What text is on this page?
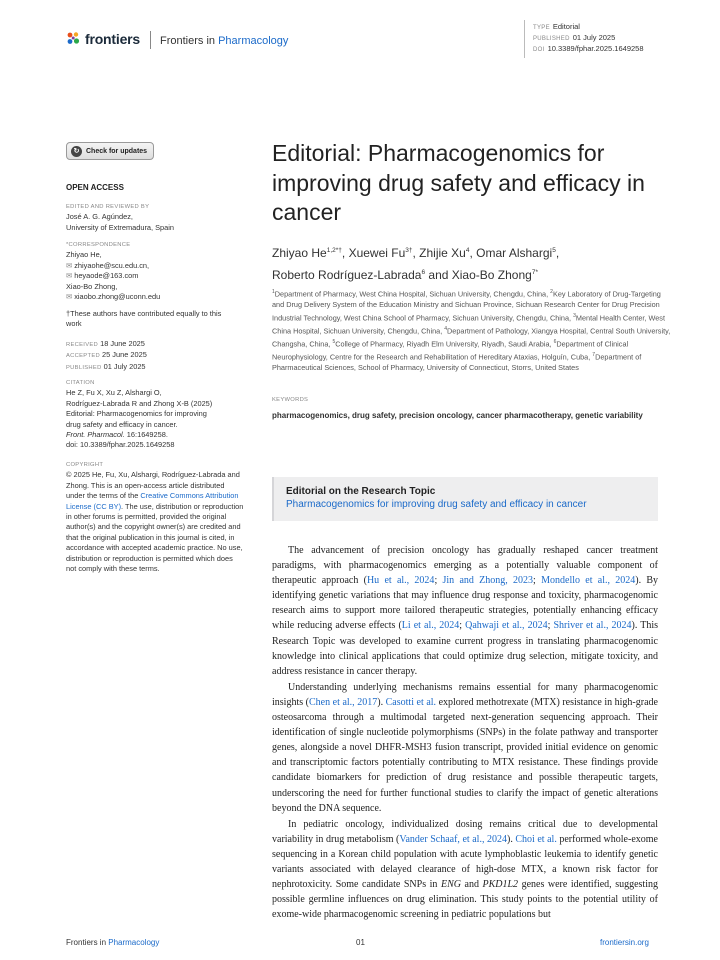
frontiers Frontiers in Pharmacology
TYPE Editorial
PUBLISHED 01 July 2025
DOI 10.3389/fphar.2025.1649258
↻ Check for updates
OPEN ACCESS
EDITED AND REVIEWED BY
José A. G. Agúndez,
University of Extremadura, Spain
*CORRESPONDENCE
Zhiyao He,
✉ zhiyaohe@scu.edu.cn,
✉ heyaode@163.com
Xiao-Bo Zhong,
✉ xiaobo.zhong@uconn.edu
†These authors have contributed equally to this work
RECEIVED 18 June 2025
ACCEPTED 25 June 2025
PUBLISHED 01 July 2025
CITATION
He Z, Fu X, Xu Z, Alshargi O,
Rodríguez-Labrada R and Zhong X-B (2025)
Editorial: Pharmacogenomics for improving
drug safety and efficacy in cancer.
Front. Pharmacol. 16:1649258.
doi: 10.3389/fphar.2025.1649258
COPYRIGHT
© 2025 He, Fu, Xu, Alshargi, Rodríguez-Labrada and Zhong. This is an open-access article distributed under the terms of the Creative Commons Attribution License (CC BY). The use, distribution or reproduction in other forums is permitted, provided the original author(s) and the copyright owner(s) are credited and that the original publication in this journal is cited, in accordance with accepted academic practice. No use, distribution or reproduction is permitted which does not comply with these terms.
Editorial: Pharmacogenomics for improving drug safety and efficacy in cancer
Zhiyao $He^{1,2*\dagger}$, Xuewei $Fu^{3\dagger}$, Zhijie Xu$^4$, Omar Alshargi$^5$,
Roberto Rodríguez-Labrada$^6$ and Xiao-Bo Zhong$^{7*}$
$^1$Department of Pharmacy, West China Hospital, Sichuan University, Chengdu, China, $^2$Key Laboratory of Drug-Targeting and Drug Delivery System of the Education Ministry and Sichuan Province, Sichuan Research Center for Drug Precision Industrial Technology, West China School of Pharmacy, Sichuan University, Chengdu, China, $^3$Mental Health Center, West China Hospital, Sichuan University, Chengdu, China, $^4$Department of Pathology, Xiangya Hospital, Central South University, Changsha, China, $^5$College of Pharmacy, Riyadh Elm University, Riyadh, Saudi Arabia, $^6$Department of Clinical Neurophysiology, Centre for the Research and Rehabilitation of Hereditary Ataxias, Holguín, Cuba, $^7$Department of Pharmaceutical Sciences, School of Pharmacy, University of Connecticut, Storrs, United States
KEYWORDS
pharmacogenomics, drug safety, precision oncology, cancer pharmacotherapy, genetic variability
Editorial on the Research Topic
Pharmacogenomics for improving drug safety and efficacy in cancer

The advancement of precision oncology has gradually reshaped cancer treatment paradigms, with pharmacogenomics emerging as a potentially valuable component of therapeutic approach (Hu et al., 2024; Jin and Zhong, 2023; Mondello et al., 2024). By identifying genetic variations that may influence drug response and toxicity, pharmacogenomic research aims to support more tailored therapeutic strategies, potentially enhancing efficacy while reducing adverse effects (Li et al., 2024; Qahwaji et al., 2024; Shriver et al., 2024). This Research Topic was developed to examine current progress in translating pharmacogenomic knowledge into clinical applications that could optimize drug selection, mitigate toxicity, and address resistance in cancer therapy.

Understanding underlying mechanisms remains essential for many pharmacogenomic insights (Chen et al., 2017). Casotti et al. explored methotrexate (MTX) resistance in high-grade osteosarcoma through a multimodal targeted next-generation sequencing approach. Their identification of single nucleotide polymorphisms (SNPs) in the folate pathway and transporter genes, alongside a novel DHFR-MSH3 fusion transcript, provided initial evidence on genomic and transcriptomic factors potentially contributing to MTX resistance. These findings provide candidate biomarkers for prediction of drug resistance and possible therapeutic targets, underscoring the need for further functional studies to clarify the impact of genetic alterations beyond the DNA sequence.

In pediatric oncology, individualized dosing remains critical due to developmental variability in drug metabolism (Vander Schaaf, et al., 2024). Choi et al. performed whole-exome sequencing in a Korean child population with acute lymphoblastic leukemia to identify genetic variants associated with delayed clearance of high-dose MTX, a known risk factor for nephrotoxicity. Some candidate SNPs in ENG and PKD1L2 genes were identified, suggesting possible germline influences on drug elimination. This study points to the potential utility of exome-wide pharmacogenomic screening in pediatric populations but

Frontiers in Pharmacology	01	frontiersin.org
